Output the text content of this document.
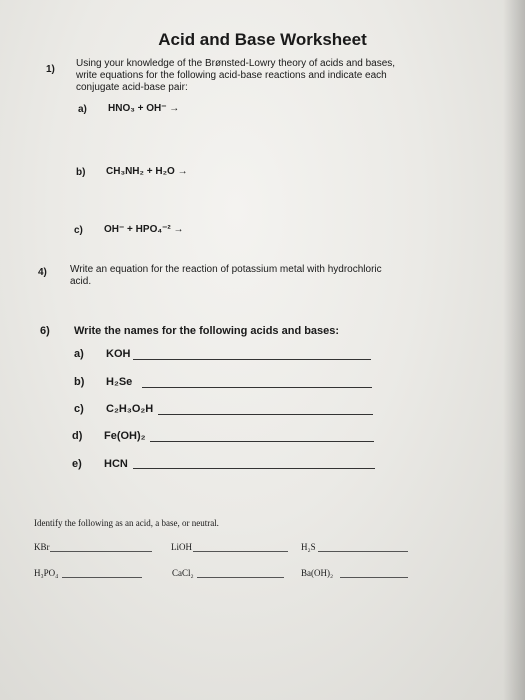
Acid and Base Worksheet
1)
Using your knowledge of the Brønsted-Lowry theory of acids and bases,
write equations for the following acid-base reactions and indicate each
conjugate acid-base pair:
a) HNO₃ + OH⁻ →
b) CH₃NH₂ + H₂O →
c) OH⁻ + HPO₄⁻² →
4) Write an equation for the reaction of potassium metal with hydrochloric
acid.
6) Write the names for the following acids and bases:
a) KOH
b) H₂Se
c) C₂H₃O₂H
d) Fe(OH)₂
e) HCN
Identify the following as an acid, a base, or neutral.
KBr	LiOH	H₂S
H₃PO₄	CaCl₂	Ba(OH)₂
